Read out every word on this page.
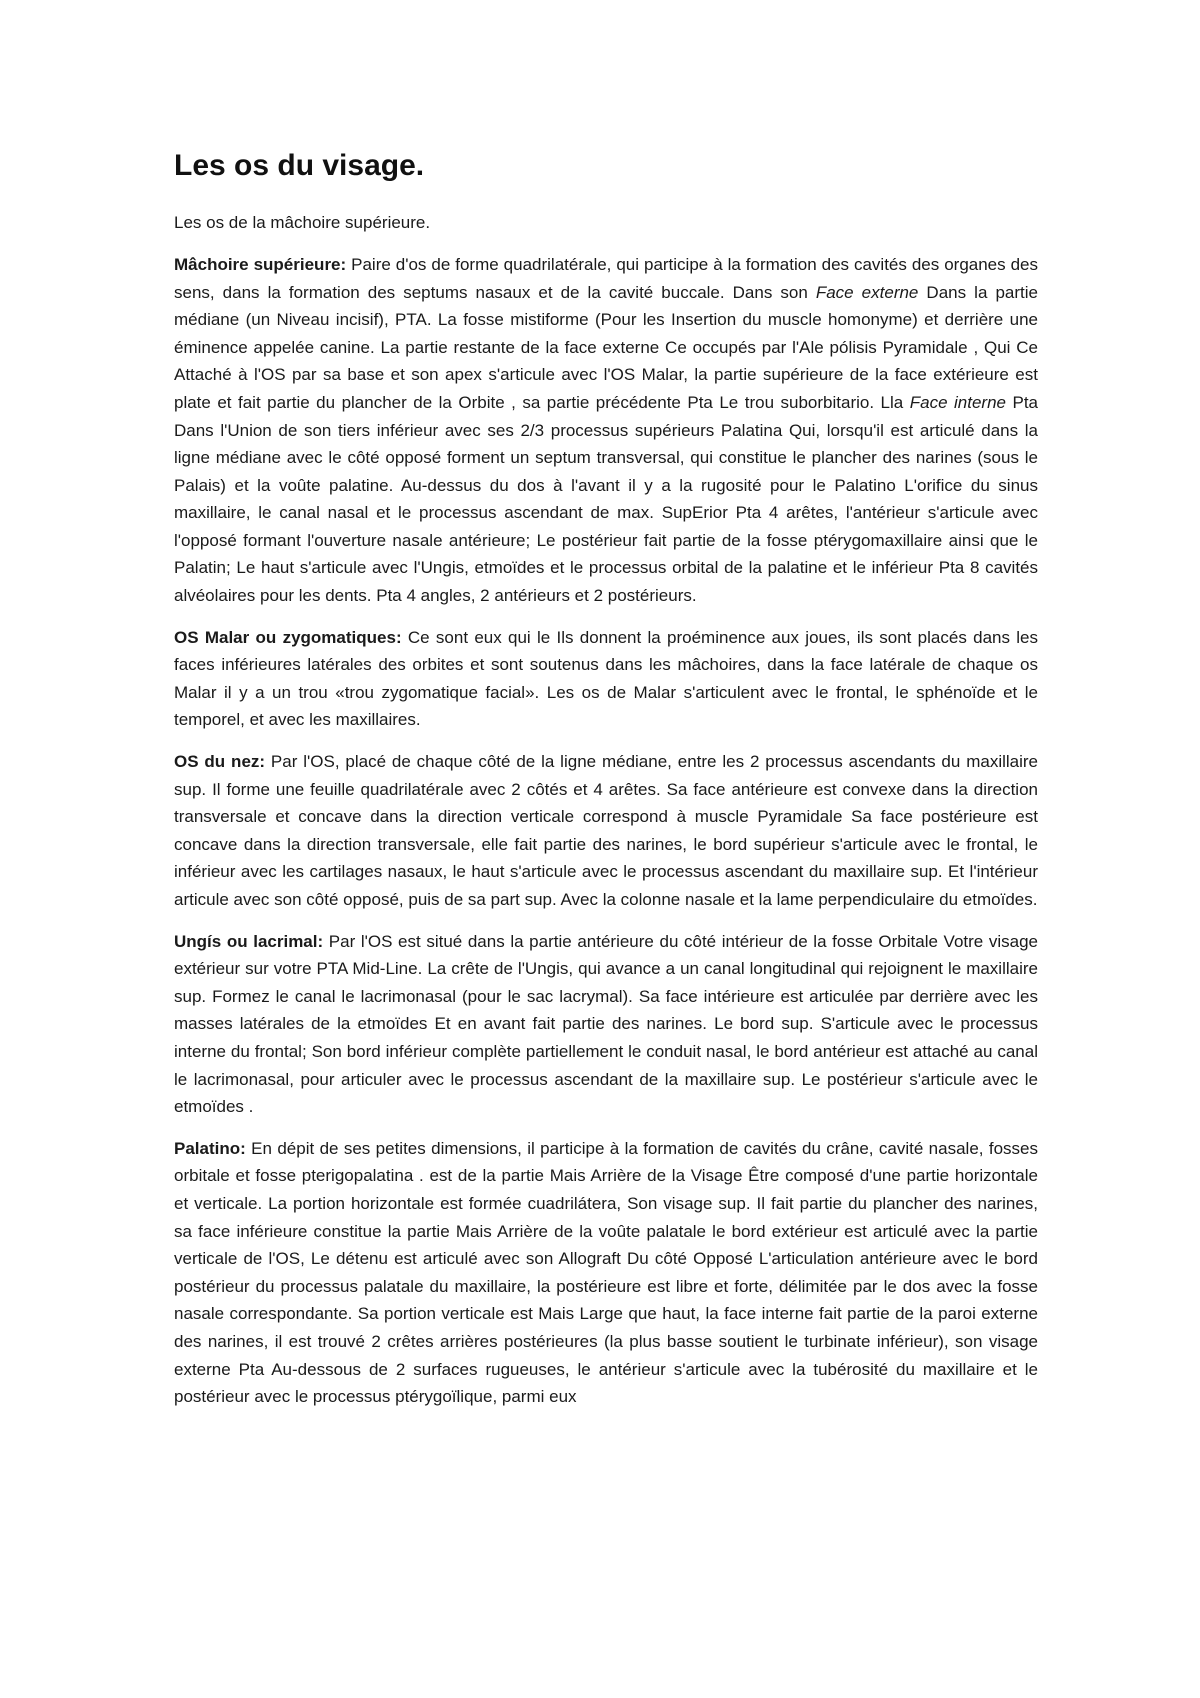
Les os du visage.
Les os de la mâchoire supérieure.

Mâchoire supérieure: Paire d'os de forme quadrilatérale, qui participe à la formation des cavités des organes des sens, dans la formation des septums nasaux et de la cavité buccale. Dans son Face externe Dans la partie médiane (un Niveau incisif), PTA. La fosse mistiforme (Pour les Insertion du muscle homonyme) et derrière une éminence appelée canine. La partie restante de la face externe Ce occupés par l'Ale pólisis Pyramidale , Qui Ce Attaché à l'OS par sa base et son apex s'articule avec l'OS Malar, la partie supérieure de la face extérieure est plate et fait partie du plancher de la Orbite , sa partie précédente Pta Le trou suborbitario. Lla Face interne Pta Dans l'Union de son tiers inférieur avec ses 2/3 processus supérieurs Palatina Qui, lorsqu'il est articulé dans la ligne médiane avec le côté opposé forment un septum transversal, qui constitue le plancher des narines (sous le Palais) et la voûte palatine. Au-dessus du dos à l'avant il y a la rugosité pour le Palatino L'orifice du sinus maxillaire, le canal nasal et le processus ascendant de max. SupErior Pta 4 arêtes, l'antérieur s'articule avec l'opposé formant l'ouverture nasale antérieure; Le postérieur fait partie de la fosse ptérygomaxillaire ainsi que le Palatin; Le haut s'articule avec l'Ungis, etmoïdes et le processus orbital de la palatine et le inférieur Pta 8 cavités alvéolaires pour les dents. Pta 4 angles, 2 antérieurs et 2 postérieurs.

OS Malar ou zygomatiques: Ce sont eux qui le Ils donnent la proéminence aux joues, ils sont placés dans les faces inférieures latérales des orbites et sont soutenus dans les mâchoires, dans la face latérale de chaque os Malar il y a un trou «trou zygomatique facial». Les os de Malar s'articulent avec le frontal, le sphénoïde et le temporel, et avec les maxillaires.

OS du nez: Par l'OS, placé de chaque côté de la ligne médiane, entre les 2 processus ascendants du maxillaire sup. Il forme une feuille quadrilatérale avec 2 côtés et 4 arêtes. Sa face antérieure est convexe dans la direction transversale et concave dans la direction verticale correspond à muscle Pyramidale Sa face postérieure est concave dans la direction transversale, elle fait partie des narines, le bord supérieur s'articule avec le frontal, le inférieur avec les cartilages nasaux, le haut s'articule avec le processus ascendant du maxillaire sup. Et l'intérieur articule avec son côté opposé, puis de sa part sup. Avec la colonne nasale et la lame perpendiculaire du etmoïdes.

Ungís ou lacrimal: Par l'OS est situé dans la partie antérieure du côté intérieur de la fosse Orbitale Votre visage extérieur sur votre PTA Mid-Line. La crête de l'Ungis, qui avance a un canal longitudinal qui rejoignent le maxillaire sup. Formez le canal le lacrimonasal (pour le sac lacrymal). Sa face intérieure est articulée par derrière avec les masses latérales de la etmoïdes Et en avant fait partie des narines. Le bord sup. S'articule avec le processus interne du frontal; Son bord inférieur complète partiellement le conduit nasal, le bord antérieur est attaché au canal le lacrimonasal, pour articuler avec le processus ascendant de la maxillaire sup. Le postérieur s'articule avec le etmoïdes .

Palatino: En dépit de ses petites dimensions, il participe à la formation de cavités du crâne, cavité nasale, fosses orbitale et fosse pterigopalatina . est de la partie Mais Arrière de la Visage Être composé d'une partie horizontale et verticale. La portion horizontale est formée cuadrilátera, Son visage sup. Il fait partie du plancher des narines, sa face inférieure constitue la partie Mais Arrière de la voûte palatale le bord extérieur est articulé avec la partie verticale de l'OS, Le détenu est articulé avec son Allograft Du côté Opposé L'articulation antérieure avec le bord postérieur du processus palatale du maxillaire, la postérieure est libre et forte, délimitée par le dos avec la fosse nasale correspondante. Sa portion verticale est Mais Large que haut, la face interne fait partie de la paroi externe des narines, il est trouvé 2 crêtes arrières postérieures (la plus basse soutient le turbinate inférieur), son visage externe Pta Au-dessous de 2 surfaces rugueuses, le antérieur s'articule avec la tubérosité du maxillaire et le postérieur avec le processus ptérygoïlique, parmi eux
